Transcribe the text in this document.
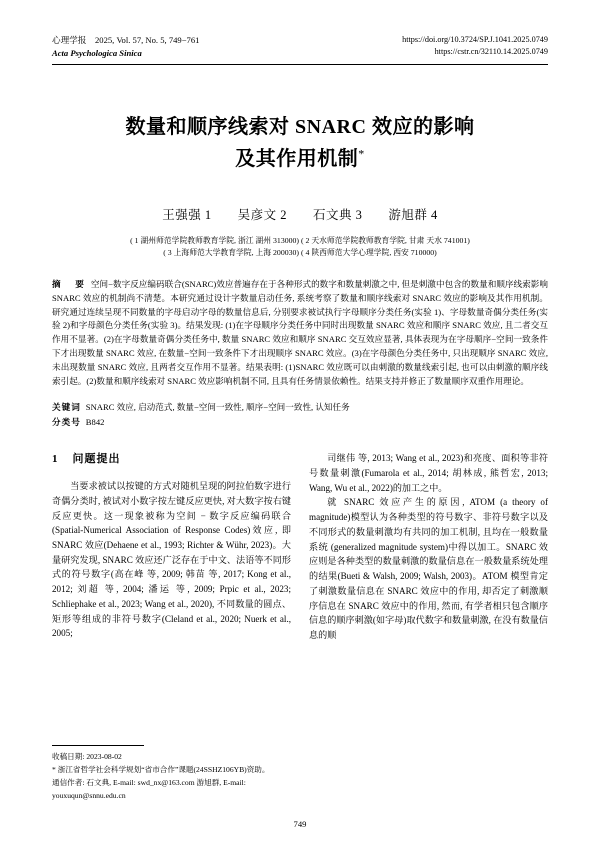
心理学报　2025, Vol. 57, No. 5, 749−761
Acta Psychologica Sinica
https://doi.org/10.3724/SP.J.1041.2025.0749
https://cstr.cn/32110.14.2025.0749
数量和顺序线索对 SNARC 效应的影响
及其作用机制*
王强强 1　　吴彦文 2　　石文典 3　　游旭群 4
( 1 湖州师范学院教师教育学院, 浙江 湖州 313000) ( 2 天水师范学院教师教育学院, 甘肃 天水 741001)
( 3 上海师范大学教育学院, 上海 200030) ( 4 陕西师范大学心理学院, 西安 710000)
摘　要 空间−数字反应编码联合(SNARC)效应普遍存在于各种形式的数字和数量刺激之中, 但是刺激中包含的数量和顺序线索影响 SNARC 效应的机制尚不清楚。本研究通过设计字数量启动任务, 系统考察了数量和顺序线索对 SNARC 效应的影响及其作用机制。研究通过连续呈现不同数量的字母启动字母的数量信息后, 分别要求被试执行字母顺序分类任务(实验 1)、字母数量奇偶分类任务(实验 2)和字母颜色分类任务(实验 3)。结果发现: (1)在字母顺序分类任务中同时出现数量 SNARC 效应和顺序 SNARC 效应, 且二者交互作用不显著。(2)在字母数量奇偶分类任务中, 数量 SNARC 效应和顺序 SNARC 交互效应显著, 具体表现为在字母顺序−空间一致条件下才出现数量 SNARC 效应, 在数量−空间一致条件下才出现顺序 SNARC 效应。(3)在字母颜色分类任务中, 只出现顺序 SNARC 效应, 未出现数量 SNARC 效应, 且两者交互作用不显著。结果表明: (1)SNARC 效应既可以由刺激的数量线索引起, 也可以由刺激的顺序线索引起。(2)数量和顺序线索对 SNARC 效应影响机制不同, 且具有任务情景依赖性。结果支持并修正了数量顺序双重作用理论。
关键词 SNARC 效应, 启动范式, 数量−空间一致性, 顺序−空间一致性, 认知任务
分类号 B842
1 问题提出

当要求被试以按键的方式对随机呈现的阿拉伯数字进行奇偶分类时, 被试对小数字按左键反应更快, 对大数字按右键反应更快。这一现象被称为空间 − 数字反应编码联合 (Spatial-Numerical Association of Response Codes)效应, 即 SNARC 效应(Dehaene et al., 1993; Richter & Wühr, 2023)。大量研究发现, SNARC 效应还广泛存在于中文、法语等不同形式的符号数字(高在峰 等, 2009; 韩苗 等, 2017; Kong et al., 2012; 刘超 等, 2004; 潘运 等, 2009; Prpic et al., 2023; Schliephake et al., 2023; Wang et al., 2020), 不同数量的圆点、矩形等组成的非符号数字(Cleland et al., 2020; Nuerk et al., 2005;

司继伟 等, 2013; Wang et al., 2023)和亮度、面积等非符号数量刺激(Fumarola et al., 2014; 胡林成, 熊哲宏, 2013; Wang, Wu et al., 2022)的加工之中。

就 SNARC 效应产生的原因, ATOM (a theory of magnitude)模型认为各种类型的符号数字、非符号数字以及不同形式的数量刺激均有共同的加工机制, 且均在一般数量系统 (generalized magnitude system)中得以加工。SNARC 效应则是各种类型的数量刺激的数量信息在一般数量系统处理的结果(Bueti & Walsh, 2009; Walsh, 2003)。ATOM 模型肯定了刺激数量信息在 SNARC 效应中的作用, 却否定了刺激顺序信息在 SNARC 效应中的作用, 然而, 有学者相只包含顺序信息的顺序刺激(如字母)取代数字和数量刺激, 在没有数量信息的顺

收稿日期: 2023-08-02
* 浙江省哲学社会科学规划“省市合作”课题(24SSHZ106YB)资助。
通信作者: 石文典, E-mail: swd_nx@163.com 游旭群, E-mail: youxuqun@snnu.edu.cn
749
